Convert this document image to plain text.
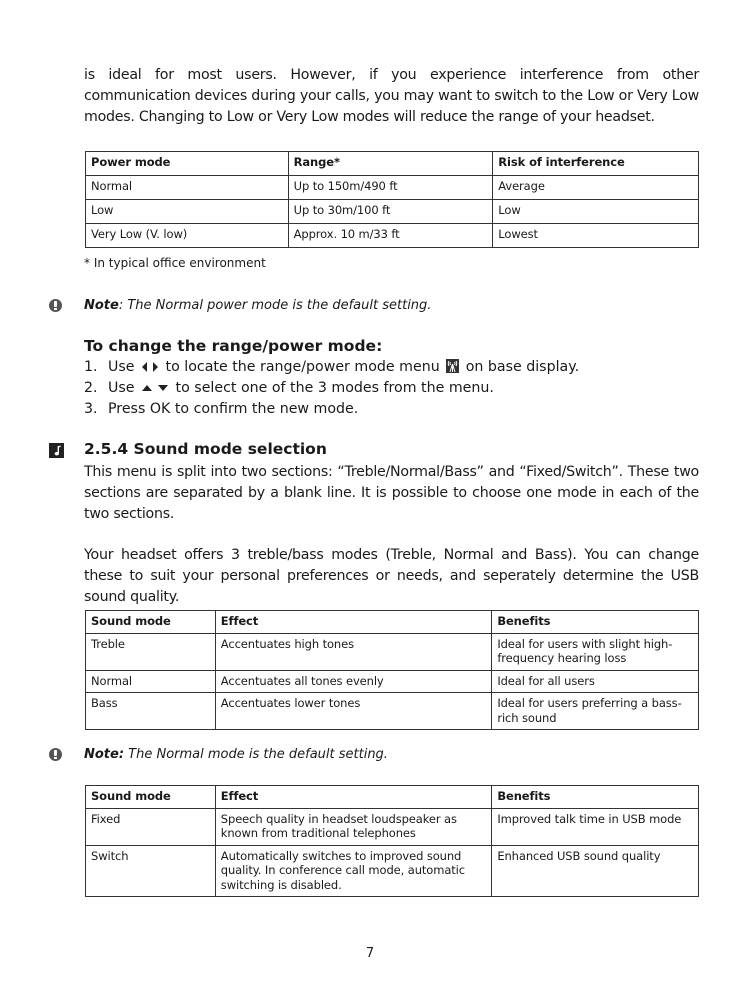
is ideal for most users. However, if you experience interference from other communication devices during your calls, you may want to switch to the Low or Very Low modes. Changing to Low or Very Low modes will reduce the range of your headset.
Power mode	Range*	Risk of interference
Normal	Up to 150m/490 ft	Average
Low	Up to 30m/100 ft	Low
Very Low (V. low)	Approx. 10 m/33 ft	Lowest
* In typical office environment
Note: The Normal power mode is the default setting.
To change the range/power mode:
1. Use to locate the range/power mode menu on base display.
2. Use	to select one of the 3 modes from the menu.
3. Press OK to confirm the new mode.
2.5.4 Sound mode selection
This menu is split into two sections: “Treble/Normal/Bass” and “Fixed/Switch”. These two sections are separated by a blank line. It is possible to choose one mode in each of the two sections.
Your headset offers 3 treble/bass modes (Treble, Normal and Bass). You can change these to suit your personal preferences or needs, and seperately determine the USB sound quality.
Sound mode	Effect	Benefits
Treble	Accentuates high tones	Ideal for users with slight high-frequency hearing loss
Normal	Accentuates all tones evenly	Ideal for all users
Bass	Accentuates lower tones	Ideal for users preferring a bass-rich sound
Note: The Normal mode is the default setting.
Sound mode	Effect	Benefits
Fixed	Speech quality in headset loudspeaker as known from traditional telephones	Improved talk time in USB mode
Switch	Automatically switches to improved sound quality. In conference call mode, automatic switching is disabled.	Enhanced USB sound quality
7
